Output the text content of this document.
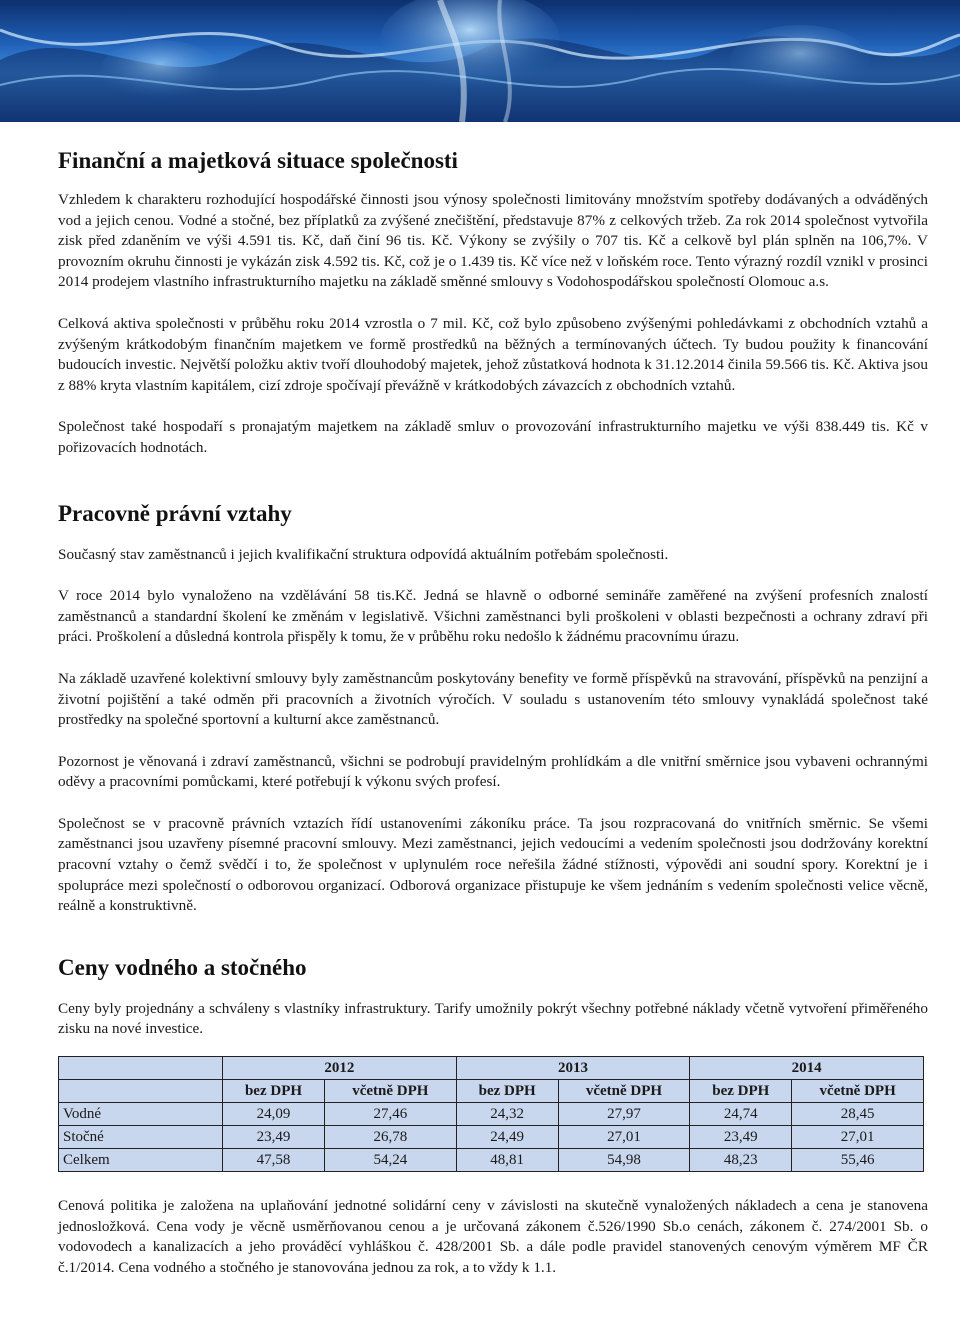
Finanční a majetková situace společnosti

Vzhledem k charakteru rozhodující hospodářské činnosti jsou výnosy společnosti limitovány množstvím spotřeby dodávaných a odváděných vod a jejich cenou. Vodné a stočné, bez příplatků za zvýšené znečištění, představuje 87% z celkových tržeb. Za rok 2014 společnost vytvořila zisk před zdaněním ve výši 4.591 tis. Kč, daň činí 96 tis. Kč. Výkony se zvýšily o 707 tis. Kč a celkově byl plán splněn na 106,7%. V provozním okruhu činnosti je vykázán zisk 4.592 tis. Kč, což je o 1.439 tis. Kč více než v loňském roce. Tento výrazný rozdíl vznikl v prosinci 2014 prodejem vlastního infrastrukturního majetku na základě směnné smlouvy s Vodohospodářskou společností Olomouc a.s.

Celková aktiva společnosti v průběhu roku 2014 vzrostla o 7 mil. Kč, což bylo způsobeno zvýšenými pohledávkami z obchodních vztahů a zvýšeným krátkodobým finančním majetkem ve formě prostředků na běžných a termínovaných účtech. Ty budou použity k financování budoucích investic. Největší položku aktiv tvoří dlouhodobý majetek, jehož zůstatková hodnota k 31.12.2014 činila 59.566 tis. Kč. Aktiva jsou z 88% kryta vlastním kapitálem, cizí zdroje spočívají převážně v krátkodobých závazcích z obchodních vztahů.

Společnost také hospodaří s pronajatým majetkem na základě smluv o provozování infrastrukturního majetku ve výši 838.449 tis. Kč v pořizovacích hodnotách.

Pracovně právní vztahy

Současný stav zaměstnanců i jejich kvalifikační struktura odpovídá aktuálním potřebám společnosti.

V roce 2014 bylo vynaloženo na vzdělávání 58 tis.Kč. Jedná se hlavně o odborné semináře zaměřené na zvýšení profesních znalostí zaměstnanců a standardní školení ke změnám v legislativě. Všichni zaměstnanci byli proškoleni v oblasti bezpečnosti a ochrany zdraví při práci. Proškolení a důsledná kontrola přispěly k tomu, že v průběhu roku nedošlo k žádnému pracovnímu úrazu.

Na základě uzavřené kolektivní smlouvy byly zaměstnancům poskytovány benefity ve formě příspěvků na stravování, příspěvků na penzijní a životní pojištění a také odměn při pracovních a životních výročích. V souladu s ustanovením této smlouvy vynakládá společnost také prostředky na společné sportovní a kulturní akce zaměstnanců.

Pozornost je věnovaná i zdraví zaměstnanců, všichni se podrobují pravidelným prohlídkám a dle vnitřní směrnice jsou vybaveni ochrannými oděvy a pracovními pomůckami, které potřebují k výkonu svých profesí.

Společnost se v pracovně právních vztazích řídí ustanoveními zákoníku práce. Ta jsou rozpracovaná do vnitřních směrnic. Se všemi zaměstnanci jsou uzavřeny písemné pracovní smlouvy. Mezi zaměstnanci, jejich vedoucími a vedením společnosti jsou dodržovány korektní pracovní vztahy o čemž svědčí i to, že společnost v uplynulém roce neřešila žádné stížnosti, výpovědi ani soudní spory. Korektní je i spolupráce mezi společností o odborovou organizací. Odborová organizace přistupuje ke všem jednáním s vedením společnosti velice věcně, reálně a konstruktivně.

Ceny vodného a stočného

Ceny byly projednány a schváleny s vlastníky infrastruktury. Tarify umožnily pokrýt všechny potřebné náklady včetně vytvoření přiměřeného zisku na nové investice.

	2012		2013		2014	
	bez DPH	včetně DPH	bez DPH	včetně DPH	bez DPH	včetně DPH
Vodné	24,09	27,46	24,32	27,97	24,74	28,45
Stočné	23,49	26,78	24,49	27,01	23,49	27,01
Celkem	47,58	54,24	48,81	54,98	48,23	55,46

Cenová politika je založena na uplaňování jednotné solidární ceny v závislosti na skutečně vynaložených nákladech a cena je stanovena jednosložková. Cena vody je věcně usměrňovanou cenou a je určovaná zákonem č.526/1990 Sb.o cenách, zákonem č. 274/2001 Sb. o vodovodech a kanalizacích a jeho prováděcí vyhláškou č. 428/2001 Sb. a dále podle pravidel stanovených cenovým výměrem MF ČR č.1/2014. Cena vodného a stočného je stanovována jednou za rok, a to vždy k 1.1.
